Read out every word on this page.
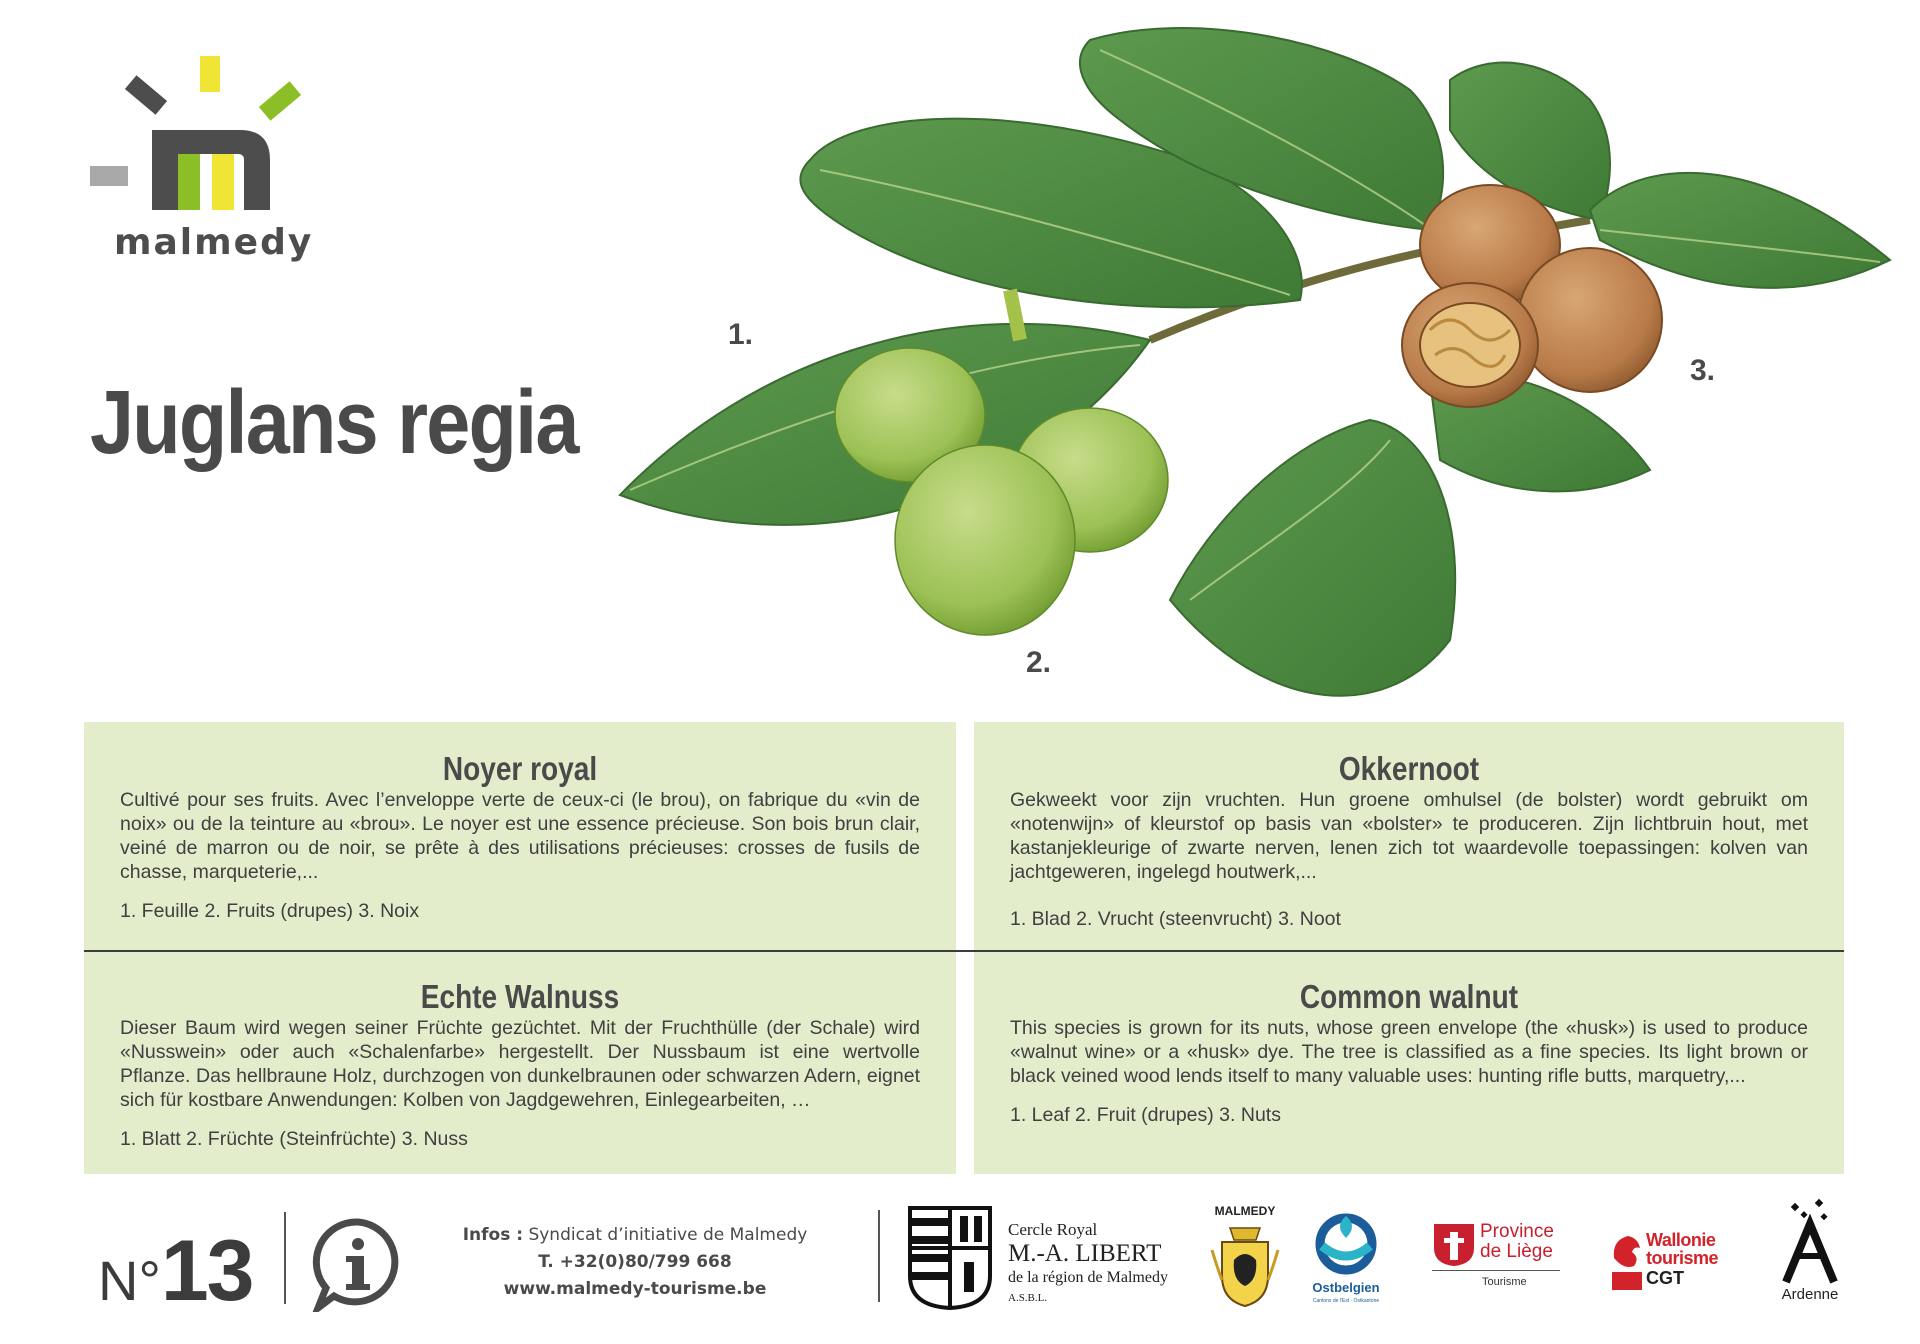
malmedy
Juglans regia
1.
2.
3.
Noyer royal

Cultivé pour ses fruits. Avec l’enveloppe verte de ceux-ci (le brou), on fabrique du «vin de noix» ou de la teinture au «brou». Le noyer est une essence précieuse. Son bois brun clair, veiné de marron ou de noir, se prête à des utilisations précieuses: crosses de fusils de chasse, marqueterie,...

1. Feuille 2. Fruits (drupes) 3. Noix
Okkernoot

Gekweekt voor zijn vruchten. Hun groene omhulsel (de bolster) wordt gebruikt om «notenwijn» of kleurstof op basis van «bolster» te produceren. Zijn lichtbruin hout, met kastanjekleurige of zwarte nerven, lenen zich tot waardevolle toepassingen: kolven van jachtgeweren, ingelegd houtwerk,...

1. Blad 2. Vrucht (steenvrucht) 3. Noot
Echte Walnuss

Dieser Baum wird wegen seiner Früchte gezüchtet. Mit der Fruchthülle (der Schale) wird «Nusswein» oder auch «Schalenfarbe» hergestellt. Der Nussbaum ist eine wertvolle Pflanze. Das hellbraune Holz, durchzogen von dunkelbraunen oder schwarzen Adern, eignet sich für kostbare Anwendungen: Kolben von Jagdgewehren, Einlegearbeiten, …

1. Blatt 2. Früchte (Steinfrüchte) 3. Nuss
Common walnut

This species is grown for its nuts, whose green envelope (the «husk») is used to produce «walnut wine» or a «husk» dye. The tree is classified as a fine species. Its light brown or black veined wood lends itself to many valuable uses: hunting rifle butts, marquetry,...

1. Leaf 2. Fruit (drupes) 3. Nuts
N°13	Infos : Syndicat d’initiative de Malmedy
T. +32(0)80/799 668
www.malmedy-tourisme.be
Cercle Royal
M.-A. LIBERT
de la région de Malmedy
A.S.B.L.
MALMEDY
Ostbelgien
Cantons de l'Est · Ostkantone
Province
de Liège
Tourisme
Wallonie
tourisme
CGT
Ardenne
